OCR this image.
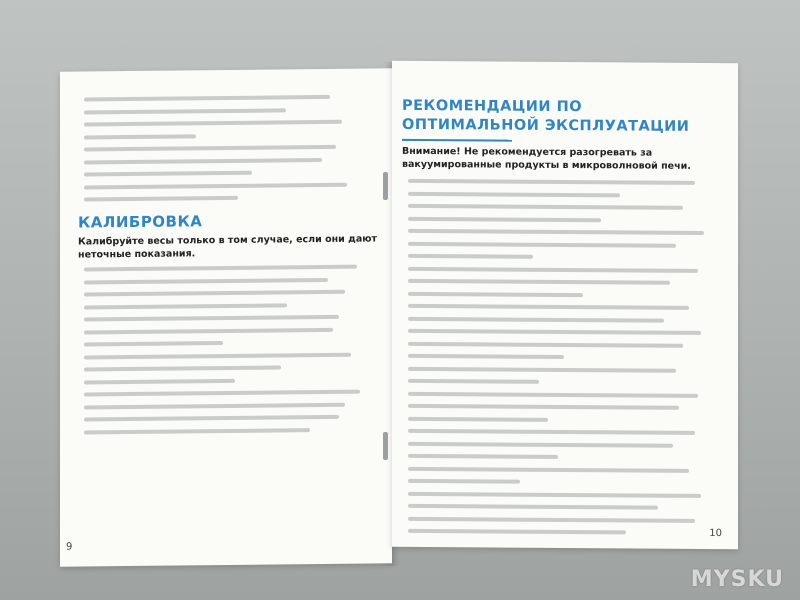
КАЛИБРОВКА

Калибруйте весы только в том случае, если они дают неточные показания.

9

РЕКОМЕНДАЦИИ ПО ОПТИМАЛЬНОЙ ЭКСПЛУАТАЦИИ

Внимание! Не рекомендуется разогревать за вакуумированные продукты в микроволновой печи.

10

MYSKU
